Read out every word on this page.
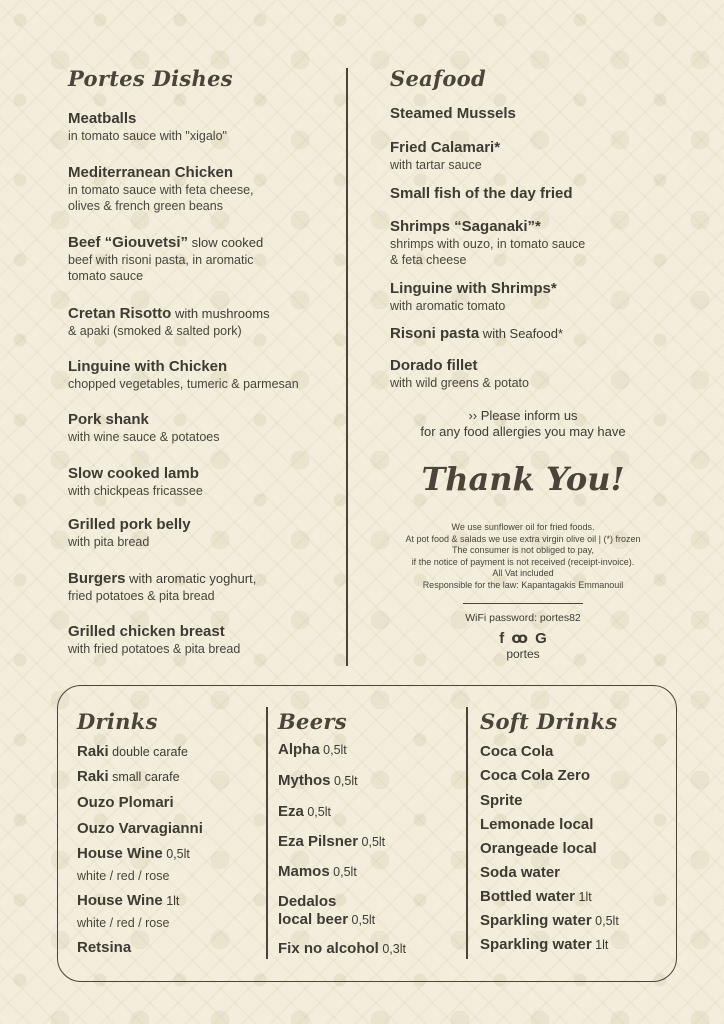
Portes Dishes
Meatballs
in tomato sauce with "xigalo"
Mediterranean Chicken
in tomato sauce with feta cheese,
olives & french green beans
Beef “Giouvetsi” slow cooked
beef with risoni pasta, in aromatic
tomato sauce
Cretan Risotto with mushrooms
& apaki (smoked & salted pork)
Linguine with Chicken
chopped vegetables, tumeric & parmesan
Pork shank
with wine sauce & potatoes
Slow cooked lamb
with chickpeas fricassee
Grilled pork belly
with pita bread
Burgers with aromatic yoghurt,
fried potatoes & pita bread
Grilled chicken breast
with fried potatoes & pita bread
Seafood
Steamed Mussels
Fried Calamari*
with tartar sauce
Small fish of the day fried
Shrimps “Saganaki”*
shrimps with ouzo, in tomato sauce
& feta cheese
Linguine with Shrimps*
with aromatic tomato
Risoni pasta with Seafood*
Dorado fillet
with wild greens & potato
›› Please inform us
for any food allergies you may have
Thank You!
We use sunflower oil for fried foods.
At pot food & salads we use extra virgin olive oil | (*) frozen
The consumer is not obliged to pay,
if the notice of payment is not received (receipt-invoice).
All Vat included
Responsible for the law: Kapantagakis Emmanouil
WiFi password: portes82
f ꝏ G
portes
Drinks
Raki double carafe
Raki small carafe
Ouzo Plomari
Ouzo Varvagianni
House Wine 0,5lt
white / red / rose
House Wine 1lt
white / red / rose
Retsina
Beers
Alpha 0,5lt
Mythos 0,5lt
Eza 0,5lt
Eza Pilsner 0,5lt
Mamos 0,5lt
Dedalos
local beer 0,5lt
Fix no alcohol 0,3lt
Soft Drinks
Coca Cola
Coca Cola Zero
Sprite
Lemonade local
Orangeade local
Soda water
Bottled water 1lt
Sparkling water 0,5lt
Sparkling water 1lt
